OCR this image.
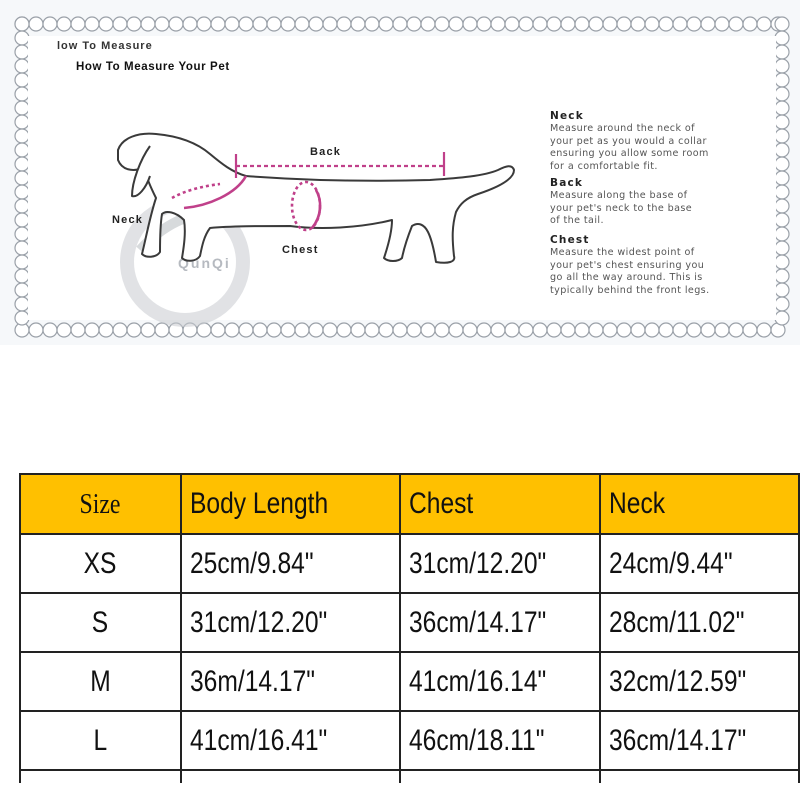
QunQi
low To Measure
How To Measure Your Pet
Back
Neck
Chest
Neck

Measure around the neck of
your pet as you would a collar
ensuring you allow some room
for a comfortable fit.

Back

Measure along the base of
your pet's neck to the base
of the tail.

Chest

Measure the widest point of
your pet's chest ensuring you
go all the way around. This is
typically behind the front legs.

Size	Body Length	Chest	Neck
XS	25cm/9.84"	31cm/12.20"	24cm/9.44"
S	31cm/12.20"	36cm/14.17"	28cm/11.02"
M	36m/14.17"	41cm/16.14"	32cm/12.59"
L	41cm/16.41"	46cm/18.11"	36cm/14.17"
